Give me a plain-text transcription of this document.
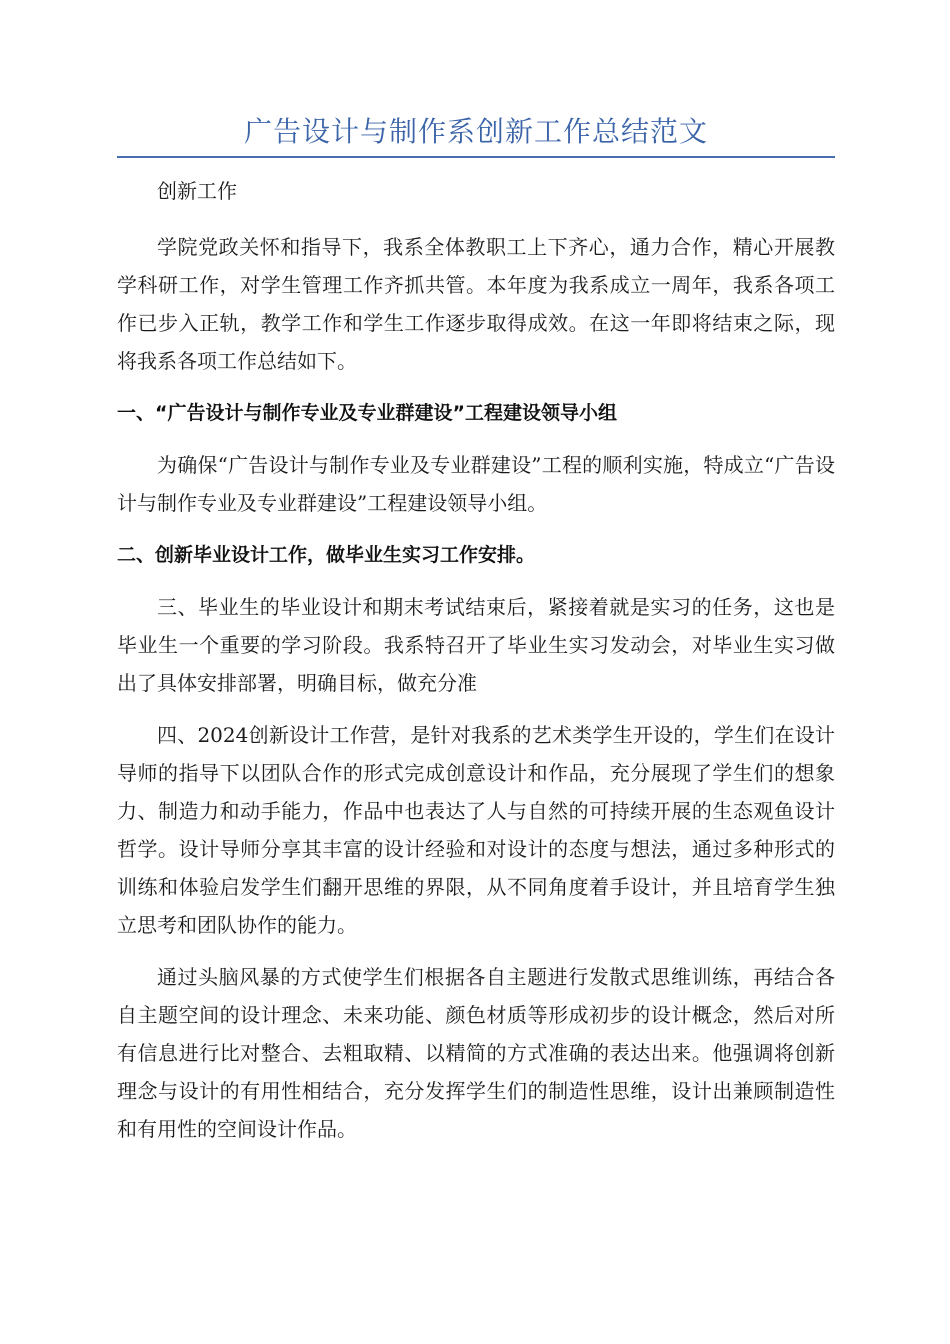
广告设计与制作系创新工作总结范文

创新工作

学院党政关怀和指导下，我系全体教职工上下齐心，通力合作，精心开展教学科研工作，对学生管理工作齐抓共管。本年度为我系成立一周年，我系各项工作已步入正轨，教学工作和学生工作逐步取得成效。在这一年即将结束之际，现将我系各项工作总结如下。

一、“广告设计与制作专业及专业群建设”工程建设领导小组

为确保“广告设计与制作专业及专业群建设”工程的顺利实施，特成立“广告设计与制作专业及专业群建设”工程建设领导小组。

二、创新毕业设计工作，做毕业生实习工作安排。

三、毕业生的毕业设计和期末考试结束后，紧接着就是实习的任务，这也是毕业生一个重要的学习阶段。我系特召开了毕业生实习发动会，对毕业生实习做出了具体安排部署，明确目标，做充分准

四、2024创新设计工作营，是针对我系的艺术类学生开设的，学生们在设计导师的指导下以团队合作的形式完成创意设计和作品，充分展现了学生们的想象力、制造力和动手能力，作品中也表达了人与自然的可持续开展的生态观鱼设计哲学。设计导师分享其丰富的设计经验和对设计的态度与想法，通过多种形式的训练和体验启发学生们翻开思维的界限，从不同角度着手设计，并且培育学生独立思考和团队协作的能力。

通过头脑风暴的方式使学生们根据各自主题进行发散式思维训练，再结合各自主题空间的设计理念、未来功能、颜色材质等形成初步的设计概念，然后对所有信息进行比对整合、去粗取精、以精简的方式准确的表达出来。他强调将创新理念与设计的有用性相结合，充分发挥学生们的制造性思维，设计出兼顾制造性和有用性的空间设计作品。
